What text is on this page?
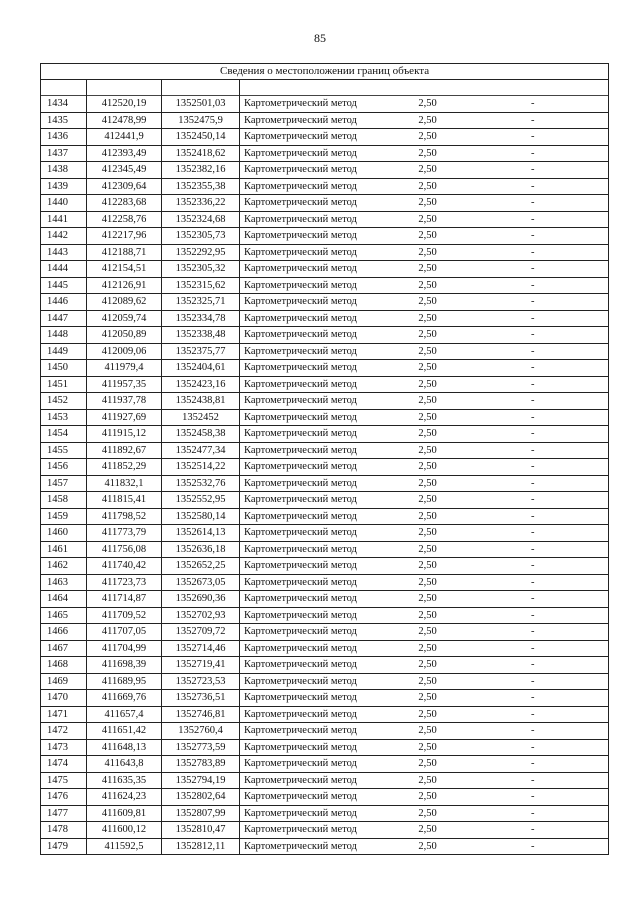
85
Сведения о местоположении границ объекта					

1434	412520,19	1352501,03	Картометрический метод	2,50	-
1435	412478,99	1352475,9	Картометрический метод	2,50	-
1436	412441,9	1352450,14	Картометрический метод	2,50	-
1437	412393,49	1352418,62	Картометрический метод	2,50	-
1438	412345,49	1352382,16	Картометрический метод	2,50	-
1439	412309,64	1352355,38	Картометрический метод	2,50	-
1440	412283,68	1352336,22	Картометрический метод	2,50	-
1441	412258,76	1352324,68	Картометрический метод	2,50	-
1442	412217,96	1352305,73	Картометрический метод	2,50	-
1443	412188,71	1352292,95	Картометрический метод	2,50	-
1444	412154,51	1352305,32	Картометрический метод	2,50	-
1445	412126,91	1352315,62	Картометрический метод	2,50	-
1446	412089,62	1352325,71	Картометрический метод	2,50	-
1447	412059,74	1352334,78	Картометрический метод	2,50	-
1448	412050,89	1352338,48	Картометрический метод	2,50	-
1449	412009,06	1352375,77	Картометрический метод	2,50	-
1450	411979,4	1352404,61	Картометрический метод	2,50	-
1451	411957,35	1352423,16	Картометрический метод	2,50	-
1452	411937,78	1352438,81	Картометрический метод	2,50	-
1453	411927,69	1352452	Картометрический метод	2,50	-
1454	411915,12	1352458,38	Картометрический метод	2,50	-
1455	411892,67	1352477,34	Картометрический метод	2,50	-
1456	411852,29	1352514,22	Картометрический метод	2,50	-
1457	411832,1	1352532,76	Картометрический метод	2,50	-
1458	411815,41	1352552,95	Картометрический метод	2,50	-
1459	411798,52	1352580,14	Картометрический метод	2,50	-
1460	411773,79	1352614,13	Картометрический метод	2,50	-
1461	411756,08	1352636,18	Картометрический метод	2,50	-
1462	411740,42	1352652,25	Картометрический метод	2,50	-
1463	411723,73	1352673,05	Картометрический метод	2,50	-
1464	411714,87	1352690,36	Картометрический метод	2,50	-
1465	411709,52	1352702,93	Картометрический метод	2,50	-
1466	411707,05	1352709,72	Картометрический метод	2,50	-
1467	411704,99	1352714,46	Картометрический метод	2,50	-
1468	411698,39	1352719,41	Картометрический метод	2,50	-
1469	411689,95	1352723,53	Картометрический метод	2,50	-
1470	411669,76	1352736,51	Картометрический метод	2,50	-
1471	411657,4	1352746,81	Картометрический метод	2,50	-
1472	411651,42	1352760,4	Картометрический метод	2,50	-
1473	411648,13	1352773,59	Картометрический метод	2,50	-
1474	411643,8	1352783,89	Картометрический метод	2,50	-
1475	411635,35	1352794,19	Картометрический метод	2,50	-
1476	411624,23	1352802,64	Картометрический метод	2,50	-
1477	411609,81	1352807,99	Картометрический метод	2,50	-
1478	411600,12	1352810,47	Картометрический метод	2,50	-
1479	411592,5	1352812,11	Картометрический метод	2,50	-
